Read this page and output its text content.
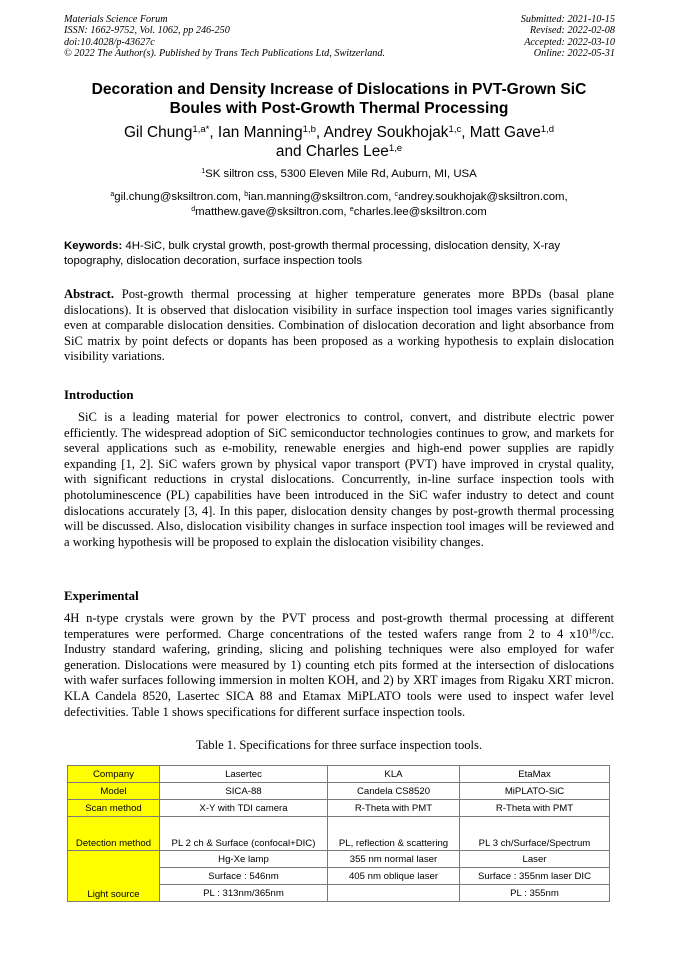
Materials Science Forum
ISSN: 1662-9752, Vol. 1062, pp 246-250
doi:10.4028/p-43627c
© 2022 The Author(s). Published by Trans Tech Publications Ltd, Switzerland.
Submitted: 2021-10-15
Revised: 2022-02-08
Accepted: 2022-03-10
Online: 2022-05-31
Decoration and Density Increase of Dislocations in PVT-Grown SiC
Boules with Post-Growth Thermal Processing
Gil Chung$^{1,a*}$, Ian Manning$^{1,b}$, Andrey Soukhojak$^{1,c}$, Matt Gave$^{1,d}$
and Charles Lee$^{1,e}$
$^1$SK siltron css, 5300 Eleven Mile Rd, Auburn, MI, USA
$^a$gil.chung@sksiltron.com, $^b$ian.manning@sksiltron.com, $^c$andrey.soukhojak@sksiltron.com,
$^d$matthew.gave@sksiltron.com, $^e$charles.lee@sksiltron.com
Keywords: 4H-SiC, bulk crystal growth, post-growth thermal processing, dislocation density, X-ray topography, dislocation decoration, surface inspection tools
Abstract. Post-growth thermal processing at higher temperature generates more BPDs (basal plane dislocations). It is observed that dislocation visibility in surface inspection tool images varies significantly even at comparable dislocation densities. Combination of dislocation decoration and light absorbance from SiC matrix by point defects or dopants has been proposed as a working hypothesis to explain dislocation visibility variations.
Introduction
SiC is a leading material for power electronics to control, convert, and distribute electric power efficiently. The widespread adoption of SiC semiconductor technologies continues to grow, and markets for several applications such as e-mobility, renewable energies and high-end power supplies are rapidly expanding [1, 2]. SiC wafers grown by physical vapor transport (PVT) have improved in crystal quality, with significant reductions in crystal dislocations. Concurrently, in-line surface inspection tools with photoluminescence (PL) capabilities have been introduced in the SiC wafer industry to detect and count dislocations accurately [3, 4]. In this paper, dislocation density changes by post-growth thermal processing will be discussed. Also, dislocation visibility changes in surface inspection tool images will be reviewed and a working hypothesis will be proposed to explain the dislocation visibility changes.
Experimental
4H n-type crystals were grown by the PVT process and post-growth thermal processing at different temperatures were performed. Charge concentrations of the tested wafers range from 2 to 4 $x10^{18}/cc$. Industry standard wafering, grinding, slicing and polishing techniques were also employed for wafer generation. Dislocations were measured by 1) counting etch pits formed at the intersection of dislocations with wafer surfaces following immersion in molten KOH, and 2) by XRT images from Rigaku XRT micron. KLA Candela 8520, Lasertec SICA 88 and Etamax MiPLATO tools were used to inspect wafer level defectivities. Table 1 shows specifications for different surface inspection tools.
Table 1. Specifications for three surface inspection tools.
Company	Lasertec	KLA	EtaMax
Model	SICA-88	Candela CS8520	MiPLATO-SiC
Scan method	X-Y with TDI camera	R-Theta with PMT	R-Theta with PMT
Detection method	PL 2 ch & Surface (confocal+DIC)	PL, reflection & scattering	PL 3 ch/Surface/Spectrum
Light source	Hg-Xe lamp	355 nm normal laser	Laser
	Surface : 546nm	405 nm oblique laser	Surface : 355nm laser DIC
	PL : 313nm/365nm		PL : 355nm
